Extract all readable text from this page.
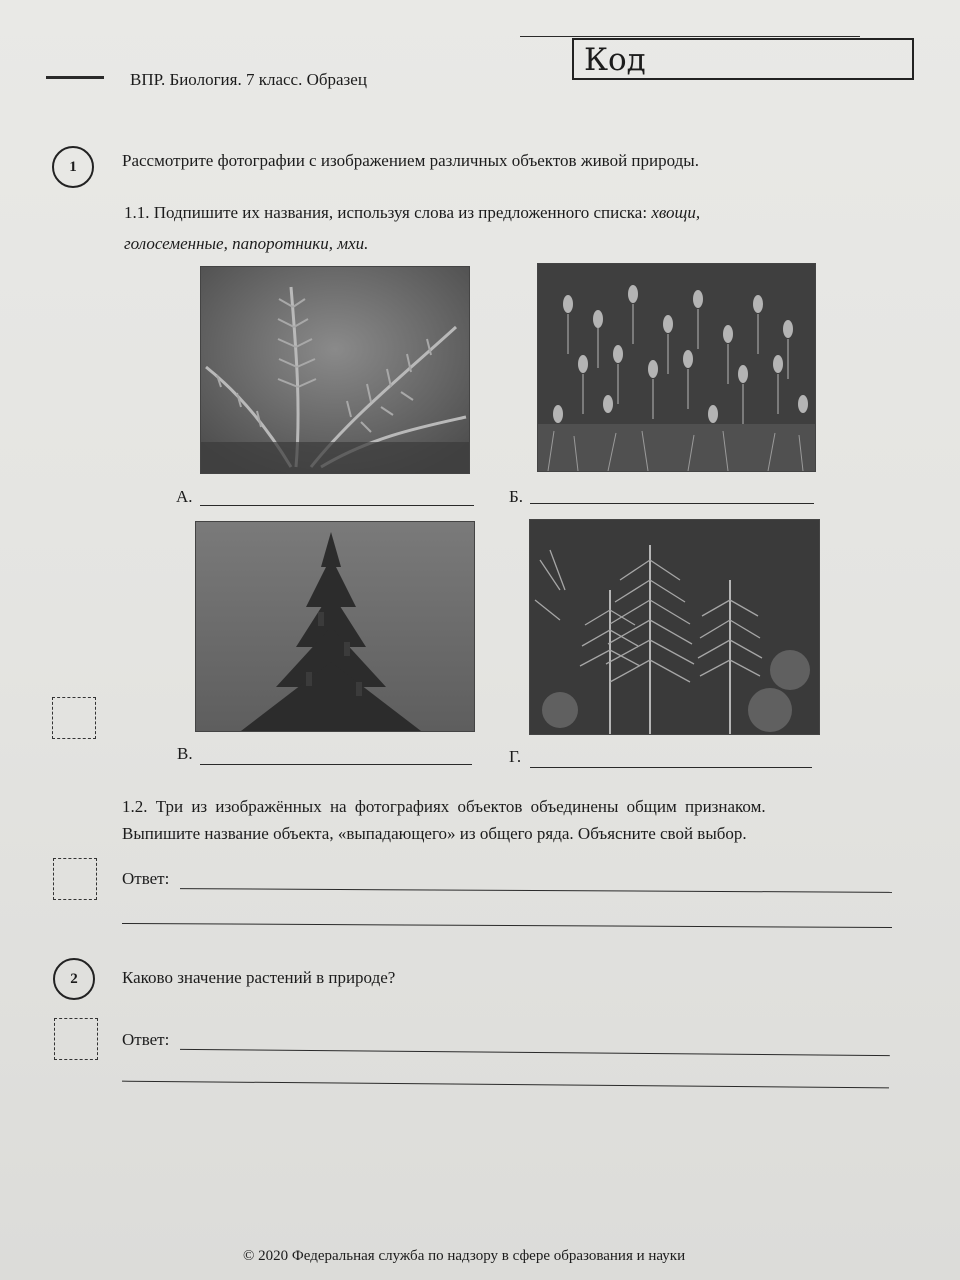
ВПР. Биология. 7 класс. Образец
Код
1	Рассмотрите фотографии с изображением различных объектов живой природы.
1.1. Подпишите их названия, используя слова из предложенного списка: хвощи,
голосеменные, папоротники, мхи.
А.	Б.
В.	Г.
1.2. Три из изображённых на фотографиях объектов объединены общим признаком.
Выпишите название объекта, «выпадающего» из общего ряда. Объясните свой выбор.
Ответ:
2	Каково значение растений в природе?
Ответ:
© 2020 Федеральная служба по надзору в сфере образования и науки
